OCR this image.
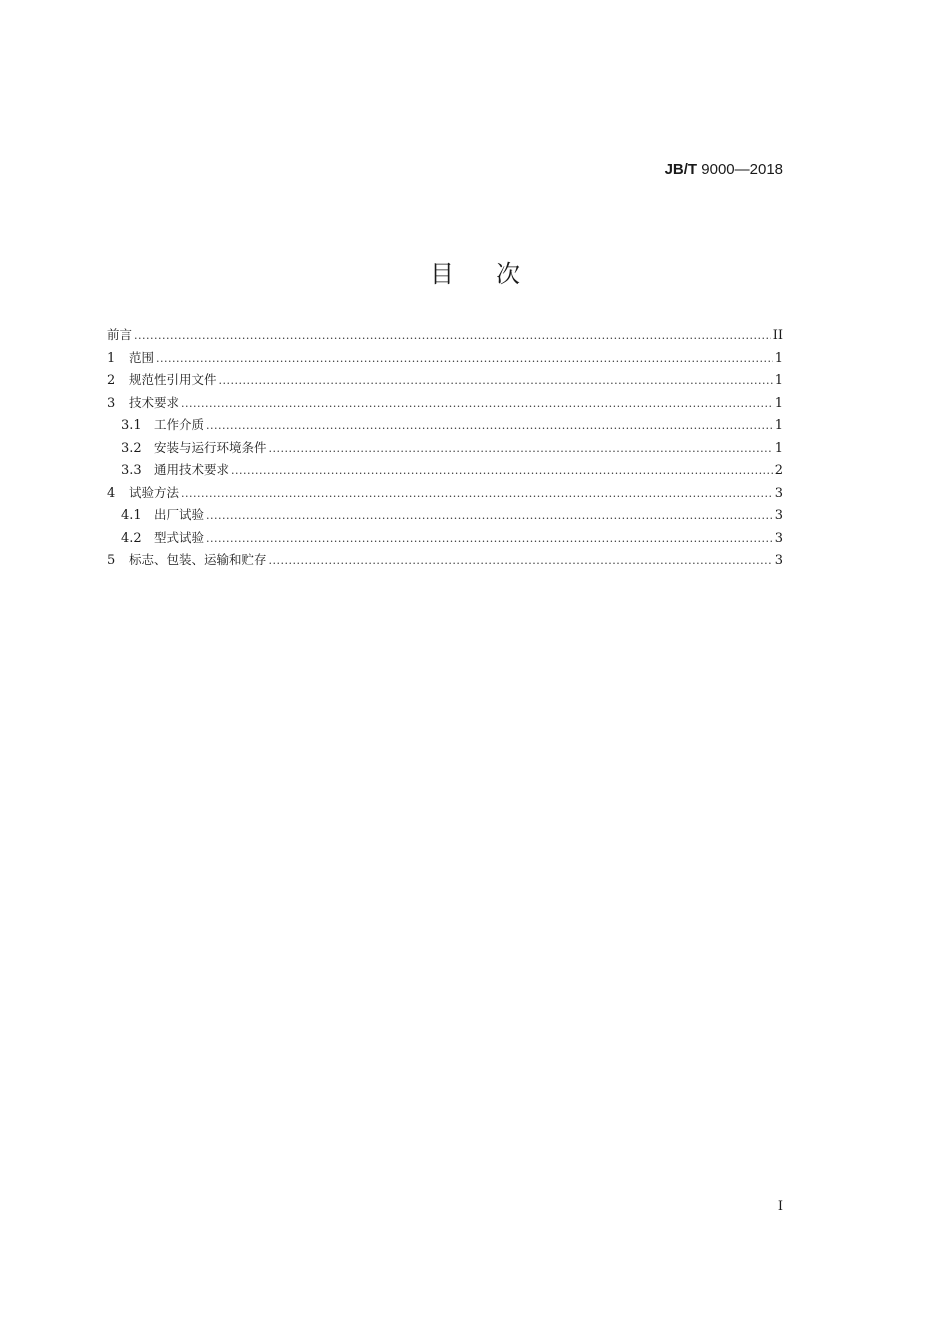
JB/T 9000—2018
目次
前言 .....	II
1	范围 .....	1
2	规范性引用文件 .....	1
3	技术要求 .....	1
3.1 工作介质 .....	1
3.2 安装与运行环境条件 .....	1
3.3 通用技术要求 .....	2
4	试验方法 .....	3
4.1 出厂试验 .....	3
4.2 型式试验 .....	3
5	标志、包装、运输和贮存 .....	3
I
